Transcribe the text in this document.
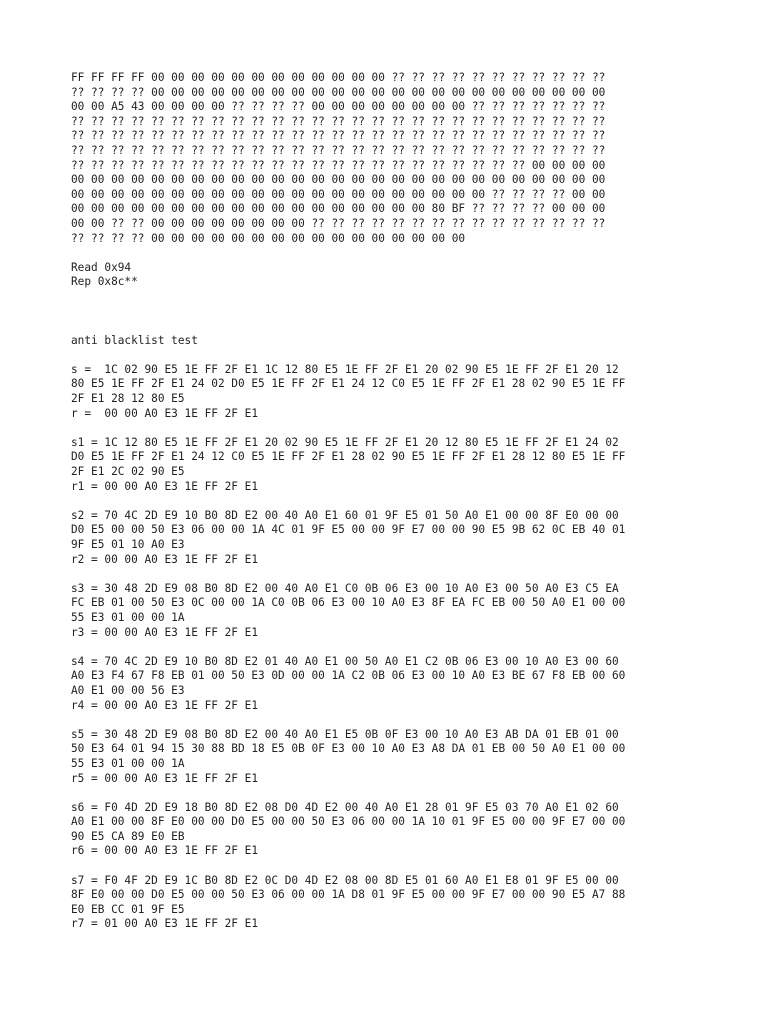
FF FF FF FF 00 00 00 00 00 00 00 00 00 00 00 00 ?? ?? ?? ?? ?? ?? ?? ?? ?? ?? ??
?? ?? ?? ?? 00 00 00 00 00 00 00 00 00 00 00 00 00 00 00 00 00 00 00 00 00 00 00
00 00 A5 43 00 00 00 00 ?? ?? ?? ?? 00 00 00 00 00 00 00 00 ?? ?? ?? ?? ?? ?? ??
?? ?? ?? ?? ?? ?? ?? ?? ?? ?? ?? ?? ?? ?? ?? ?? ?? ?? ?? ?? ?? ?? ?? ?? ?? ?? ??
?? ?? ?? ?? ?? ?? ?? ?? ?? ?? ?? ?? ?? ?? ?? ?? ?? ?? ?? ?? ?? ?? ?? ?? ?? ?? ??
?? ?? ?? ?? ?? ?? ?? ?? ?? ?? ?? ?? ?? ?? ?? ?? ?? ?? ?? ?? ?? ?? ?? ?? ?? ?? ??
?? ?? ?? ?? ?? ?? ?? ?? ?? ?? ?? ?? ?? ?? ?? ?? ?? ?? ?? ?? ?? ?? ?? 00 00 00 00
00 00 00 00 00 00 00 00 00 00 00 00 00 00 00 00 00 00 00 00 00 00 00 00 00 00 00
00 00 00 00 00 00 00 00 00 00 00 00 00 00 00 00 00 00 00 00 00 ?? ?? ?? ?? 00 00
00 00 00 00 00 00 00 00 00 00 00 00 00 00 00 00 00 00 80 BF ?? ?? ?? ?? 00 00 00
00 00 ?? ?? 00 00 00 00 00 00 00 00 ?? ?? ?? ?? ?? ?? ?? ?? ?? ?? ?? ?? ?? ?? ??
?? ?? ?? ?? 00 00 00 00 00 00 00 00 00 00 00 00 00 00 00 00
Read 0x94
Rep 0x8c**
anti blacklist test
s =  1C 02 90 E5 1E FF 2F E1 1C 12 80 E5 1E FF 2F E1 20 02 90 E5 1E FF 2F E1 20 12
80 E5 1E FF 2F E1 24 02 D0 E5 1E FF 2F E1 24 12 C0 E5 1E FF 2F E1 28 02 90 E5 1E FF
2F E1 28 12 80 E5
r =  00 00 A0 E3 1E FF 2F E1
s1 = 1C 12 80 E5 1E FF 2F E1 20 02 90 E5 1E FF 2F E1 20 12 80 E5 1E FF 2F E1 24 02
D0 E5 1E FF 2F E1 24 12 C0 E5 1E FF 2F E1 28 02 90 E5 1E FF 2F E1 28 12 80 E5 1E FF
2F E1 2C 02 90 E5
r1 = 00 00 A0 E3 1E FF 2F E1
s2 = 70 4C 2D E9 10 B0 8D E2 00 40 A0 E1 60 01 9F E5 01 50 A0 E1 00 00 8F E0 00 00
D0 E5 00 00 50 E3 06 00 00 1A 4C 01 9F E5 00 00 9F E7 00 00 90 E5 9B 62 0C EB 40 01
9F E5 01 10 A0 E3
r2 = 00 00 A0 E3 1E FF 2F E1
s3 = 30 48 2D E9 08 B0 8D E2 00 40 A0 E1 C0 0B 06 E3 00 10 A0 E3 00 50 A0 E3 C5 EA
FC EB 01 00 50 E3 0C 00 00 1A C0 0B 06 E3 00 10 A0 E3 8F EA FC EB 00 50 A0 E1 00 00
55 E3 01 00 00 1A
r3 = 00 00 A0 E3 1E FF 2F E1
s4 = 70 4C 2D E9 10 B0 8D E2 01 40 A0 E1 00 50 A0 E1 C2 0B 06 E3 00 10 A0 E3 00 60
A0 E3 F4 67 F8 EB 01 00 50 E3 0D 00 00 1A C2 0B 06 E3 00 10 A0 E3 BE 67 F8 EB 00 60
A0 E1 00 00 56 E3
r4 = 00 00 A0 E3 1E FF 2F E1
s5 = 30 48 2D E9 08 B0 8D E2 00 40 A0 E1 E5 0B 0F E3 00 10 A0 E3 AB DA 01 EB 01 00
50 E3 64 01 94 15 30 88 BD 18 E5 0B 0F E3 00 10 A0 E3 A8 DA 01 EB 00 50 A0 E1 00 00
55 E3 01 00 00 1A
r5 = 00 00 A0 E3 1E FF 2F E1
s6 = F0 4D 2D E9 18 B0 8D E2 08 D0 4D E2 00 40 A0 E1 28 01 9F E5 03 70 A0 E1 02 60
A0 E1 00 00 8F E0 00 00 D0 E5 00 00 50 E3 06 00 00 1A 10 01 9F E5 00 00 9F E7 00 00
90 E5 CA 89 E0 EB
r6 = 00 00 A0 E3 1E FF 2F E1
s7 = F0 4F 2D E9 1C B0 8D E2 0C D0 4D E2 08 00 8D E5 01 60 A0 E1 E8 01 9F E5 00 00
8F E0 00 00 D0 E5 00 00 50 E3 06 00 00 1A D8 01 9F E5 00 00 9F E7 00 00 90 E5 A7 88
E0 EB CC 01 9F E5
r7 = 01 00 A0 E3 1E FF 2F E1
